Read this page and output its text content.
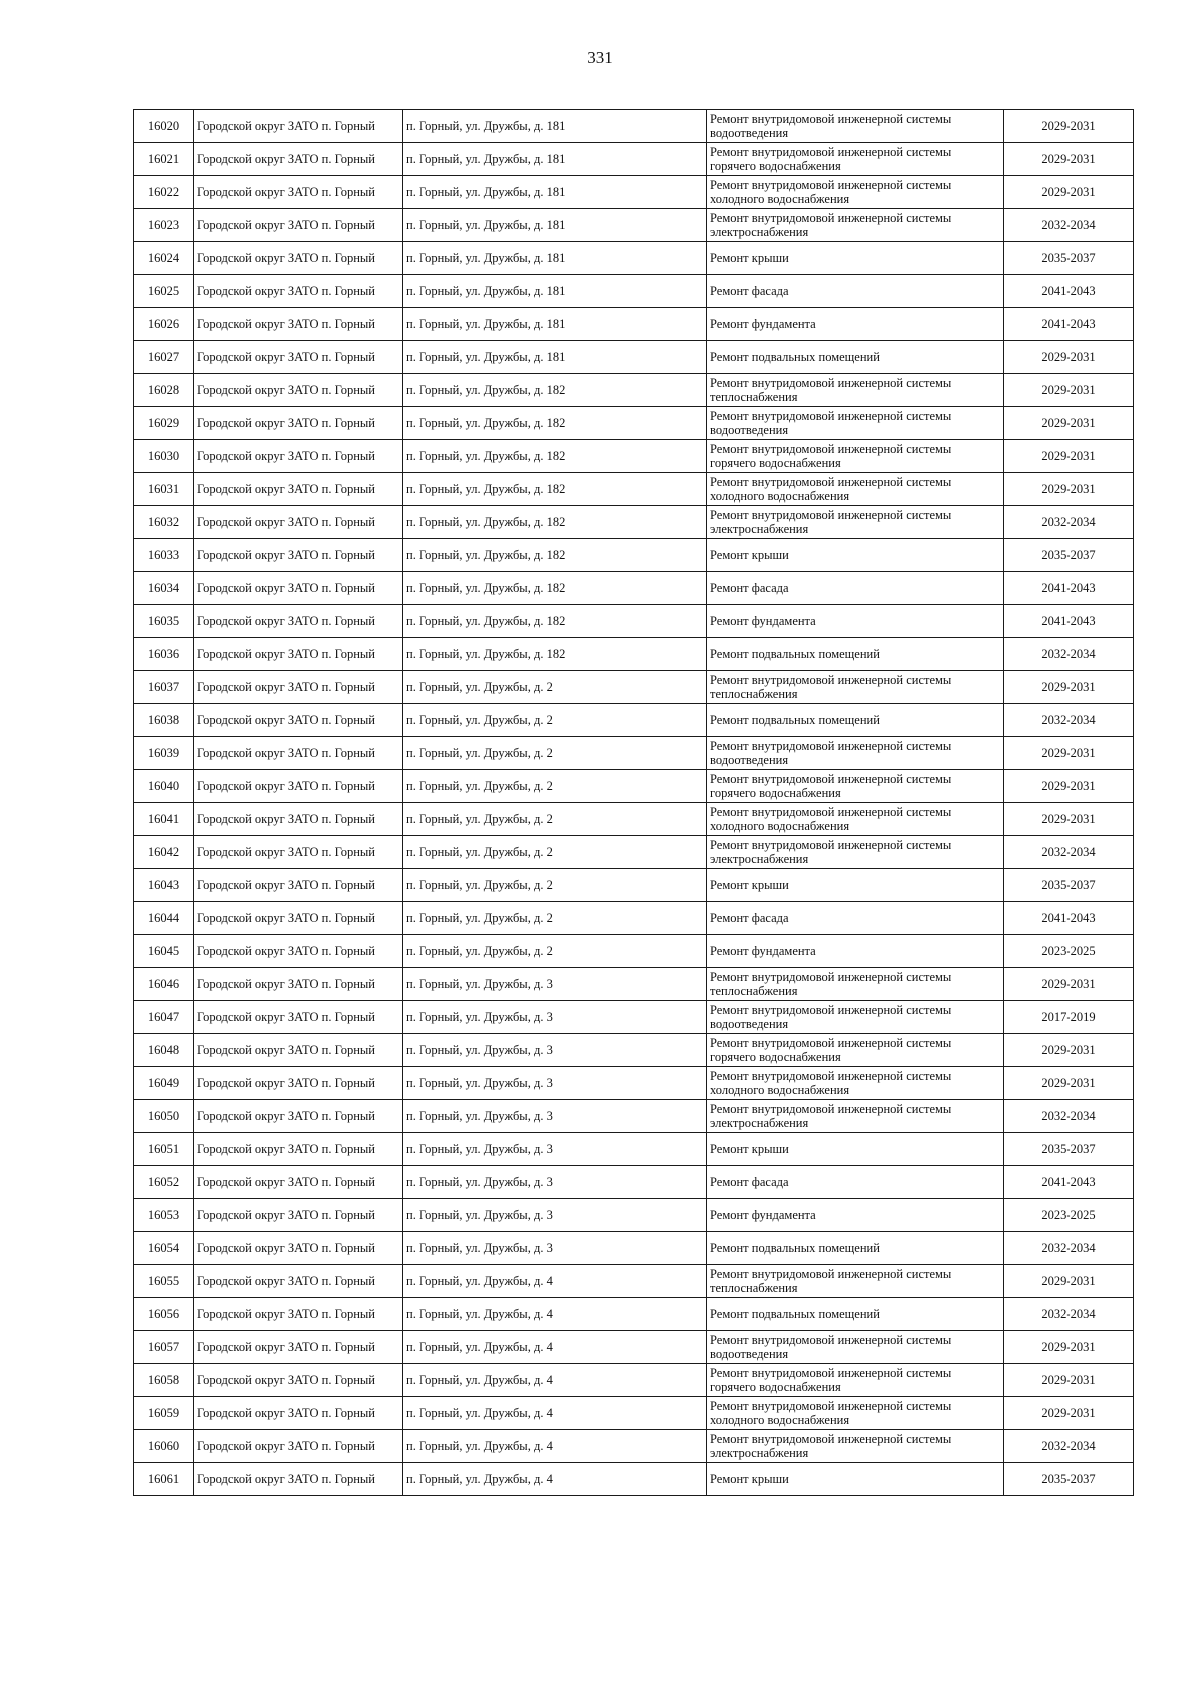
331
16020	Городской округ ЗАТО п. Горный	п. Горный, ул. Дружбы, д. 181	Ремонт внутридомовой инженерной системы водоотведения	2029-2031
16021	Городской округ ЗАТО п. Горный	п. Горный, ул. Дружбы, д. 181	Ремонт внутридомовой инженерной системы горячего водоснабжения	2029-2031
16022	Городской округ ЗАТО п. Горный	п. Горный, ул. Дружбы, д. 181	Ремонт внутридомовой инженерной системы холодного водоснабжения	2029-2031
16023	Городской округ ЗАТО п. Горный	п. Горный, ул. Дружбы, д. 181	Ремонт внутридомовой инженерной системы электроснабжения	2032-2034
16024	Городской округ ЗАТО п. Горный	п. Горный, ул. Дружбы, д. 181	Ремонт крыши	2035-2037
16025	Городской округ ЗАТО п. Горный	п. Горный, ул. Дружбы, д. 181	Ремонт фасада	2041-2043
16026	Городской округ ЗАТО п. Горный	п. Горный, ул. Дружбы, д. 181	Ремонт фундамента	2041-2043
16027	Городской округ ЗАТО п. Горный	п. Горный, ул. Дружбы, д. 181	Ремонт подвальных помещений	2029-2031
16028	Городской округ ЗАТО п. Горный	п. Горный, ул. Дружбы, д. 182	Ремонт внутридомовой инженерной системы теплоснабжения	2029-2031
16029	Городской округ ЗАТО п. Горный	п. Горный, ул. Дружбы, д. 182	Ремонт внутридомовой инженерной системы водоотведения	2029-2031
16030	Городской округ ЗАТО п. Горный	п. Горный, ул. Дружбы, д. 182	Ремонт внутридомовой инженерной системы горячего водоснабжения	2029-2031
16031	Городской округ ЗАТО п. Горный	п. Горный, ул. Дружбы, д. 182	Ремонт внутридомовой инженерной системы холодного водоснабжения	2029-2031
16032	Городской округ ЗАТО п. Горный	п. Горный, ул. Дружбы, д. 182	Ремонт внутридомовой инженерной системы электроснабжения	2032-2034
16033	Городской округ ЗАТО п. Горный	п. Горный, ул. Дружбы, д. 182	Ремонт крыши	2035-2037
16034	Городской округ ЗАТО п. Горный	п. Горный, ул. Дружбы, д. 182	Ремонт фасада	2041-2043
16035	Городской округ ЗАТО п. Горный	п. Горный, ул. Дружбы, д. 182	Ремонт фундамента	2041-2043
16036	Городской округ ЗАТО п. Горный	п. Горный, ул. Дружбы, д. 182	Ремонт подвальных помещений	2032-2034
16037	Городской округ ЗАТО п. Горный	п. Горный, ул. Дружбы, д. 2	Ремонт внутридомовой инженерной системы теплоснабжения	2029-2031
16038	Городской округ ЗАТО п. Горный	п. Горный, ул. Дружбы, д. 2	Ремонт подвальных помещений	2032-2034
16039	Городской округ ЗАТО п. Горный	п. Горный, ул. Дружбы, д. 2	Ремонт внутридомовой инженерной системы водоотведения	2029-2031
16040	Городской округ ЗАТО п. Горный	п. Горный, ул. Дружбы, д. 2	Ремонт внутридомовой инженерной системы горячего водоснабжения	2029-2031
16041	Городской округ ЗАТО п. Горный	п. Горный, ул. Дружбы, д. 2	Ремонт внутридомовой инженерной системы холодного водоснабжения	2029-2031
16042	Городской округ ЗАТО п. Горный	п. Горный, ул. Дружбы, д. 2	Ремонт внутридомовой инженерной системы электроснабжения	2032-2034
16043	Городской округ ЗАТО п. Горный	п. Горный, ул. Дружбы, д. 2	Ремонт крыши	2035-2037
16044	Городской округ ЗАТО п. Горный	п. Горный, ул. Дружбы, д. 2	Ремонт фасада	2041-2043
16045	Городской округ ЗАТО п. Горный	п. Горный, ул. Дружбы, д. 2	Ремонт фундамента	2023-2025
16046	Городской округ ЗАТО п. Горный	п. Горный, ул. Дружбы, д. 3	Ремонт внутридомовой инженерной системы теплоснабжения	2029-2031
16047	Городской округ ЗАТО п. Горный	п. Горный, ул. Дружбы, д. 3	Ремонт внутридомовой инженерной системы водоотведения	2017-2019
16048	Городской округ ЗАТО п. Горный	п. Горный, ул. Дружбы, д. 3	Ремонт внутридомовой инженерной системы горячего водоснабжения	2029-2031
16049	Городской округ ЗАТО п. Горный	п. Горный, ул. Дружбы, д. 3	Ремонт внутридомовой инженерной системы холодного водоснабжения	2029-2031
16050	Городской округ ЗАТО п. Горный	п. Горный, ул. Дружбы, д. 3	Ремонт внутридомовой инженерной системы электроснабжения	2032-2034
16051	Городской округ ЗАТО п. Горный	п. Горный, ул. Дружбы, д. 3	Ремонт крыши	2035-2037
16052	Городской округ ЗАТО п. Горный	п. Горный, ул. Дружбы, д. 3	Ремонт фасада	2041-2043
16053	Городской округ ЗАТО п. Горный	п. Горный, ул. Дружбы, д. 3	Ремонт фундамента	2023-2025
16054	Городской округ ЗАТО п. Горный	п. Горный, ул. Дружбы, д. 3	Ремонт подвальных помещений	2032-2034
16055	Городской округ ЗАТО п. Горный	п. Горный, ул. Дружбы, д. 4	Ремонт внутридомовой инженерной системы теплоснабжения	2029-2031
16056	Городской округ ЗАТО п. Горный	п. Горный, ул. Дружбы, д. 4	Ремонт подвальных помещений	2032-2034
16057	Городской округ ЗАТО п. Горный	п. Горный, ул. Дружбы, д. 4	Ремонт внутридомовой инженерной системы водоотведения	2029-2031
16058	Городской округ ЗАТО п. Горный	п. Горный, ул. Дружбы, д. 4	Ремонт внутридомовой инженерной системы горячего водоснабжения	2029-2031
16059	Городской округ ЗАТО п. Горный	п. Горный, ул. Дружбы, д. 4	Ремонт внутридомовой инженерной системы холодного водоснабжения	2029-2031
16060	Городской округ ЗАТО п. Горный	п. Горный, ул. Дружбы, д. 4	Ремонт внутридомовой инженерной системы электроснабжения	2032-2034
16061	Городской округ ЗАТО п. Горный	п. Горный, ул. Дружбы, д. 4	Ремонт крыши	2035-2037
